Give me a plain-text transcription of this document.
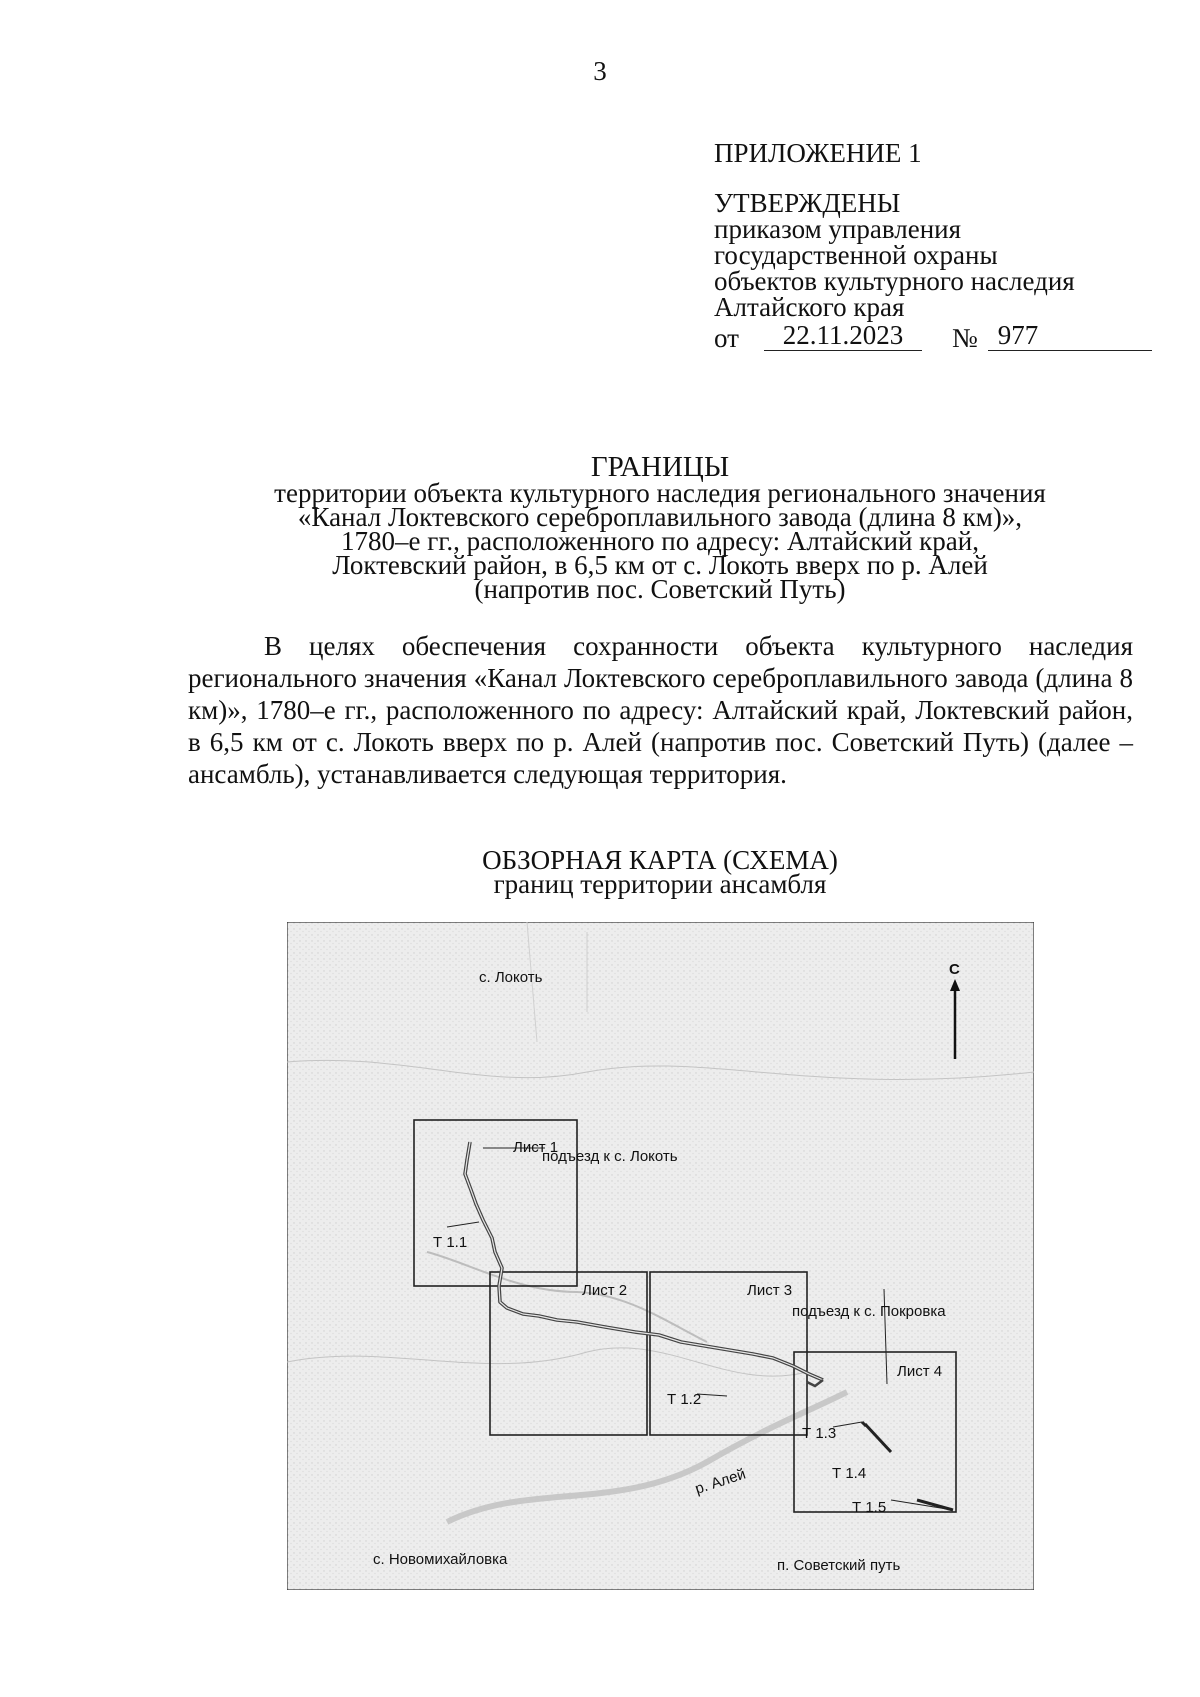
3
ПРИЛОЖЕНИЕ 1
УТВЕРЖДЕНЫ
приказом управления
государственной охраны
объектов культурного наследия
Алтайского края
от	22.11.2023	№ 977
ГРАНИЦЫ
территории объекта культурного наследия регионального значения
«Канал Локтевского сереброплавильного завода (длина 8 км)»,
1780–е гг., расположенного по адресу: Алтайский край,
Локтевский район, в 6,5 км от с. Локоть вверх по р. Алей
(напротив пос. Советский Путь)
В целях обеспечения сохранности объекта культурного наследия регионального значения «Канал Локтевского сереброплавильного завода (длина 8 км)», 1780–е гг., расположенного по адресу: Алтайский край, Локтевский район, в 6,5 км от с. Локоть вверх по р. Алей (напротив пос. Советский Путь) (далее – ансамбль), устанавливается следующая территория.
ОБЗОРНАЯ КАРТА (СХЕМА)
границ территории ансамбля
С
с. Локоть
Лист 1
подъезд к с. Локоть
Т 1.1
Лист 2	Лист 3
подъезд к с. Покровка
Лист 4
Т 1.2
Т 1.3
Т 1.4
Т 1.5
р. Алей
с. Новомихайловка	п. Советский путь
